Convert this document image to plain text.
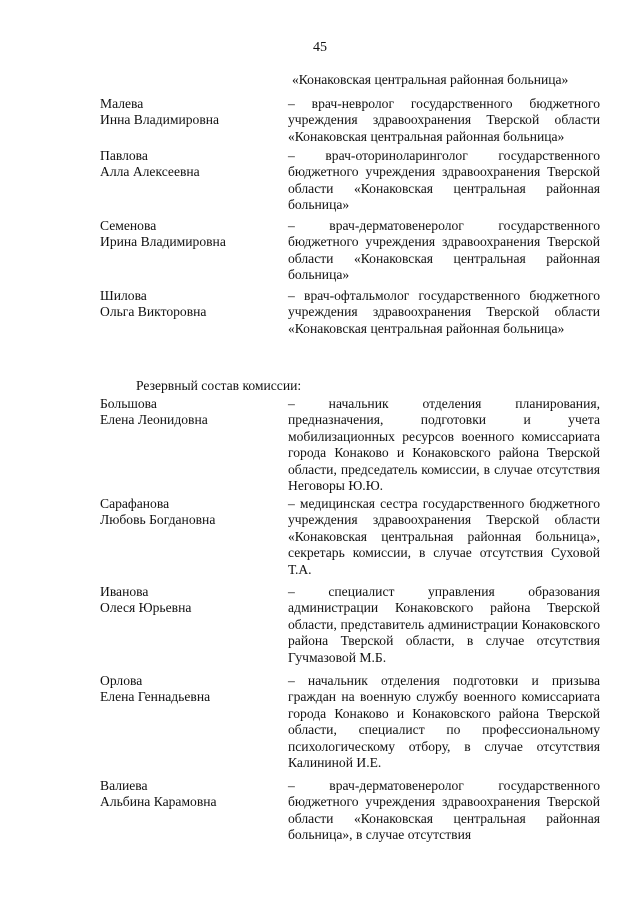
45
«Конаковская центральная районная больница»
Малева
Инна Владимировна
– врач-невролог государственного бюджетного учреждения здравоохранения Тверской области «Конаковская центральная районная больница»
Павлова
Алла Алексеевна
– врач-оториноларинголог государственного бюджетного учреждения здравоохранения Тверской области «Конаковская центральная районная больница»
Семенова
Ирина Владимировна
– врач-дерматовенеролог государственного бюджетного учреждения здравоохранения Тверской области «Конаковская центральная районная больница»
Шилова
Ольга Викторовна
– врач-офтальмолог государственного бюджетного учреждения здравоохранения Тверской области «Конаковская центральная районная больница»
Резервный состав комиссии:
Большова
Елена Леонидовна
– начальник отделения планирования, предназначения, подготовки и учета мобилизационных ресурсов военного комиссариата города Конаково и Конаковского района Тверской области, председатель комиссии, в случае отсутствия Неговоры Ю.Ю.
Сарафанова
Любовь Богдановна
– медицинская сестра государственного бюджетного учреждения здравоохранения Тверской области «Конаковская центральная районная больница», секретарь комиссии, в случае отсутствия Суховой Т.А.
Иванова
Олеся Юрьевна
– специалист управления образования администрации Конаковского района Тверской области, представитель администрации Конаковского района Тверской области, в случае отсутствия Гучмазовой М.Б.
Орлова
Елена Геннадьевна
– начальник отделения подготовки и призыва граждан на военную службу военного комиссариата города Конаково и Конаковского района Тверской области, специалист по профессиональному психологическому отбору, в случае отсутствия Калининой И.Е.
Валиева
Альбина Карамовна
– врач-дерматовенеролог государственного бюджетного учреждения здравоохранения Тверской области «Конаковская центральная районная больница», в случае отсутствия
